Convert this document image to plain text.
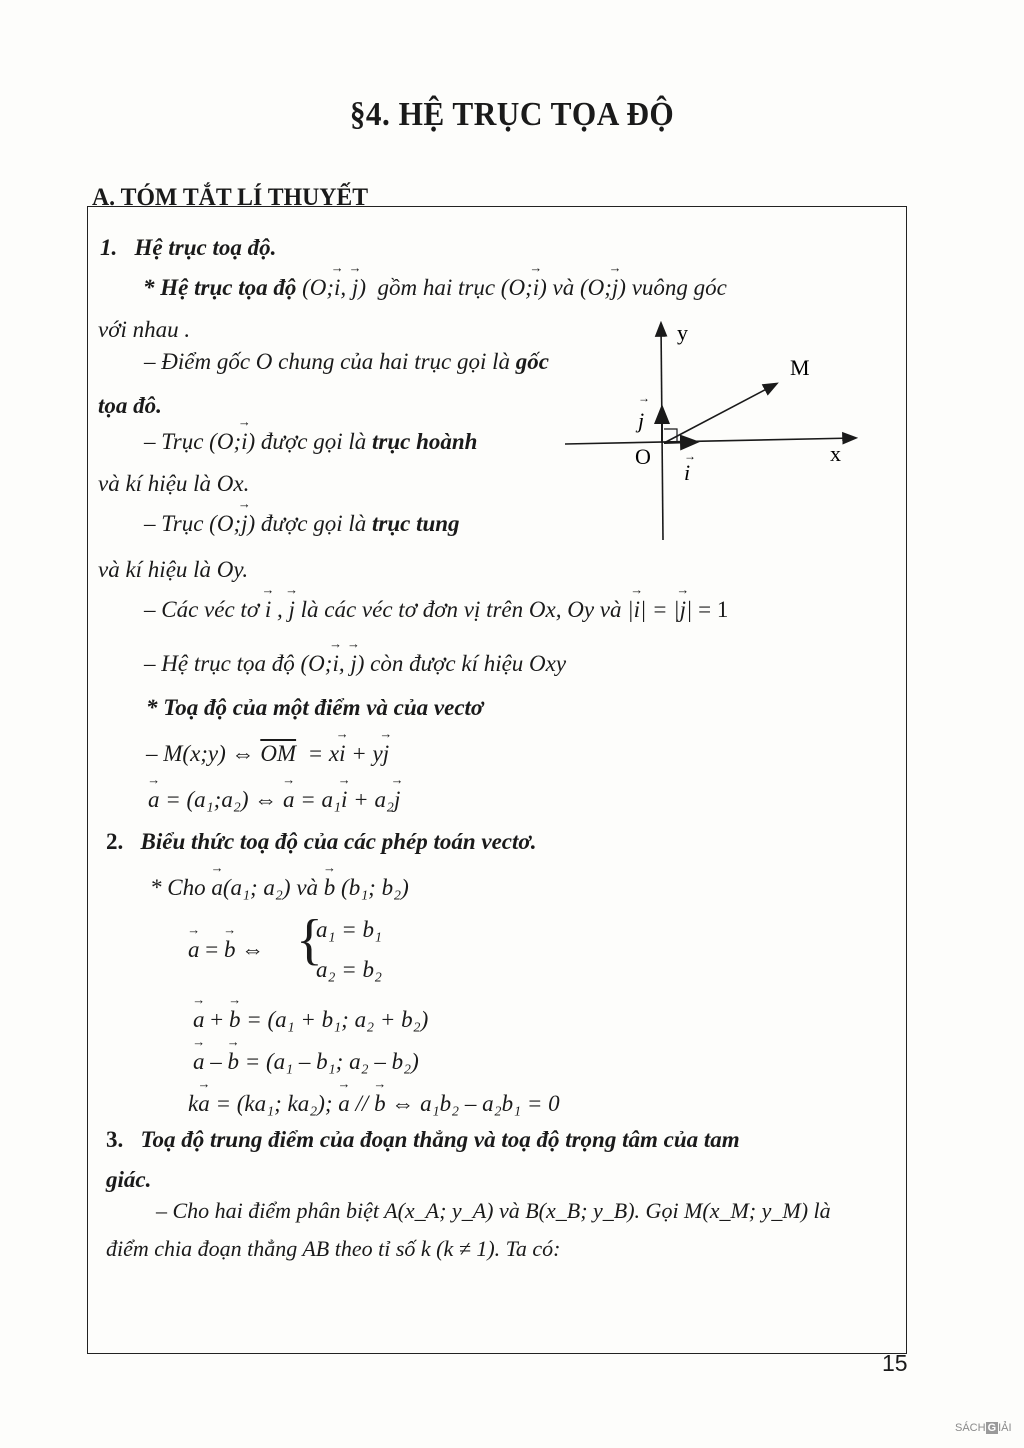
§4. HỆ TRỤC TỌA ĐỘ
A. TÓM TẮT LÍ THUYẾT
1. Hệ trục toạ độ.
* Hệ trục tọa độ (O;→ i, → j)  gồm hai trục (O;→ i) và (O;→ j) vuông góc
với nhau .
– Điểm gốc O chung của hai trục gọi là gốc
tọa đô.
– Trục (O;→ i) được gọi là trục hoành
và kí hiệu là Ox.
– Trục (O;→ j) được gọi là trục tung
và kí hiệu là Oy.
– Các véc tơ → i , → j là các véc tơ đơn vị trên Ox, Oy và |→ i| = |→ j| = 1
– Hệ trục tọa độ (O;→ i, → j) còn được kí hiệu Oxy
* Toạ độ của một điểm và của vectơ
– M(x;y) ⇔ $\overline{OM} = x\to i + y\to j$
→ a = (a₁;a₂) ⇔ → a = a₁→ i + a₂→ j
y
x
O
M
i
→
j
→
2. Biểu thức toạ độ của các phép toán vectơ.
* Cho → a(a₁; a₂) và → b (b₁; b₂)
→ a = → b ⇔ {
a₁ = b₁
a₂ = b₂
→ a + → b = (a₁ + b₁; a₂ + b₂)
→ a – → b = (a₁ – b₁; a₂ – b₂)
k→ a = (ka₁; ka₂); → a // → b ⇔ a₁b₂ – a₂b₁ = 0
3. Toạ độ trung điểm của đoạn thẳng và toạ độ trọng tâm của tam
giác.
– Cho hai điểm phân biệt A(x_A; y_A) và B(x_B; y_B). Gọi M(x_M; y_M) là
điểm chia đoạn thẳng AB theo tỉ số k (k ≠ 1). Ta có:
15
SÁCH G IẢI
